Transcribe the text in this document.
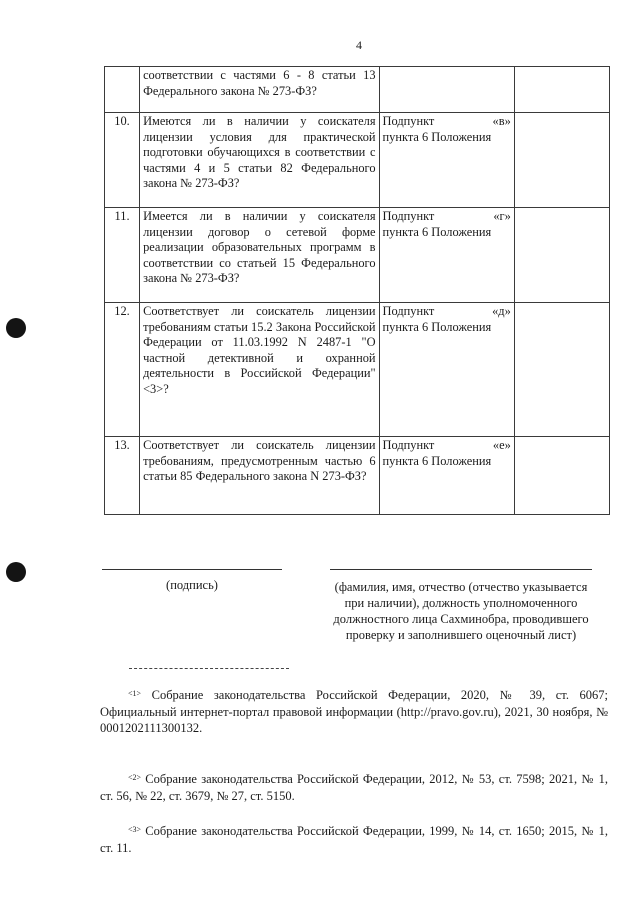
4
	соответствии с частями 6 - 8 статьи 13 Федерального закона № 273-ФЗ?	

10.	Имеются ли в наличии у соискателя лицензии условия для практической подготовки обучающихся в соответствии с частями 4 и 5 статьи 82 Федерального закона № 273-ФЗ?	Подпункт «в»
пункта 6 Положения	

11.	Имеется ли в наличии у соискателя лицензии договор о сетевой форме реализации образовательных программ в соответствии со статьей 15 Федерального закона № 273-ФЗ?	Подпункт «г»
пункта 6 Положения	

12.	Соответствует ли соискатель лицензии требованиям статьи 15.2 Закона Российской Федерации от 11.03.1992 N 2487-1 "О частной детективной и охранной деятельности в Российской Федерации" <3>?	Подпункт «д»
пункта 6 Положения	

13.	Соответствует ли соискатель лицензии требованиям, предусмотренным частью 6 статьи 85 Федерального закона N 273-ФЗ?	Подпункт «е»
пункта 6 Положения	

(подпись)	(фамилия, имя, отчество (отчество указывается при наличии), должность уполномоченного должностного лица Сахминобра, проводившего проверку и заполнившего оценочный лист)
$^{<1>}$ Собрание законодательства Российской Федерации, 2020, № 39, ст. 6067; Официальный интернет-портал правовой информации (http://pravo.gov.ru), 2021, 30 ноября, № 0001202111300132.
$^{<2>}$ Собрание законодательства Российской Федерации, 2012, № 53, ст. 7598; 2021, № 1, ст. 56, № 22, ст. 3679, № 27, ст. 5150.
$^{<3>}$ Собрание законодательства Российской Федерации, 1999, № 14, ст. 1650; 2015, № 1, ст. 11.
